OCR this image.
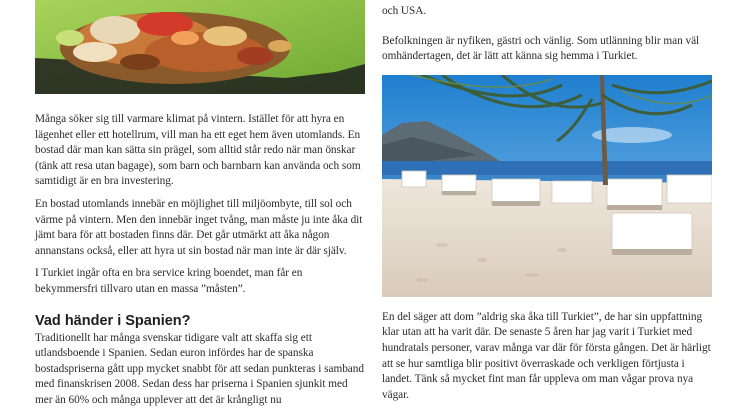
Många söker sig till varmare klimat på vintern. Istället för att hyra en lägenhet eller ett hotellrum, vill man ha ett eget hem även utomlands. En bostad där man kan sätta sin prägel, som alltid står redo när man önskar (tänk att resa utan bagage), som barn och barnbarn kan använda och som samtidigt är en bra investering.

En bostad utomlands innebär en möjlighet till miljöombyte, till sol och värme på vintern. Men den innebär inget tvång, man måste ju inte åka dit jämt bara för att bostaden finns där. Det går utmärkt att åka någon annanstans också, eller att hyra ut sin bostad när man inte är där själv.

I Turkiet ingår ofta en bra service kring boendet, man får en bekymmersfri tillvaro utan en massa ”måsten”.

Vad händer i Spanien?

Traditionellt har många svenskar tidigare valt att skaffa sig ett utlandsboende i Spanien. Sedan euron infördes har de spanska bostadspriserna gått upp mycket snabbt för att sedan punkteras i samband med finanskrisen 2008. Sedan dess har priserna i Spanien sjunkit med mer än 60% och många upplever att det är krångligt nu

och USA.

Befolkningen är nyfiken, gästri och vänlig. Som utlänning blir man väl omhändertagen, det är lätt att känna sig hemma i Turkiet.

En del säger att dom ”aldrig ska åka till Turkiet”, de har sin uppfattning klar utan att ha varit där. De senaste 5 åren har jag varit i Turkiet med hundratals personer, varav många var där för första gången. Det är härligt att se hur samtliga blir positivt överraskade och verkligen förtjusta i landet. Tänk så mycket fint man får uppleva om man vågar prova nya vägar.
